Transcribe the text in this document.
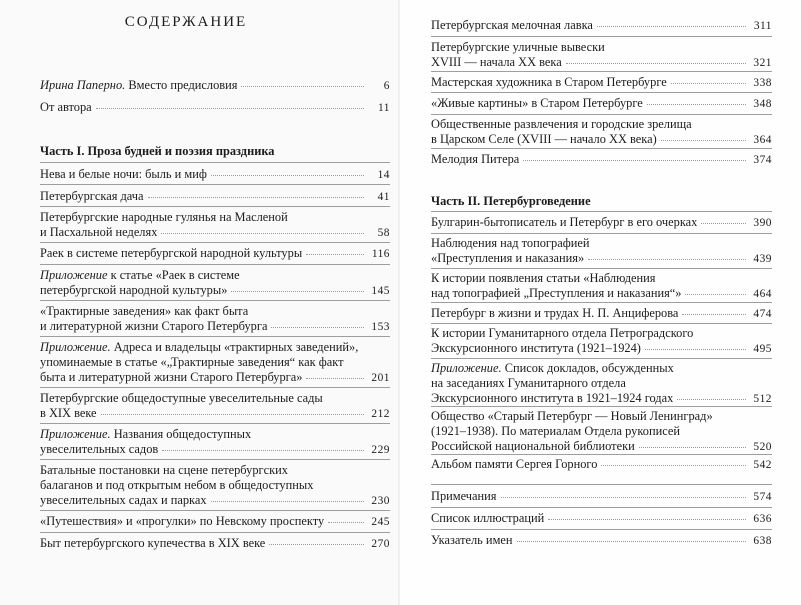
СОДЕРЖАНИЕ
Ирина Паперно. Вместо предисловия	6
От автора	11
Часть I. Проза будней и поэзия праздника
Нева и белые ночи: быль и миф	14
Петербургская дача	41
Петербургские народные гулянья на Масленой
и Пасхальной неделях	58
Раек в системе петербургской народной культуры	116
Приложение к статье «Раек в системе
петербургской народной культуры»	145
«Трактирные заведения» как факт быта
и литературной жизни Старого Петербурга	153
Приложение. Адреса и владельцы «трактирных заведений»,
упоминаемые в статье «„Трактирные заведения“ как факт
быта и литературной жизни Старого Петербурга»	201
Петербургские общедоступные увеселительные сады
в XIX веке	212
Приложение. Названия общедоступных
увеселительных садов	229
Батальные постановки на сцене петербургских
балаганов и под открытым небом в общедоступных
увеселительных садах и парках	230
«Путешествия» и «прогулки» по Невскому проспекту	245
Быт петербургского купечества в XIX веке	270
Петербургская мелочная лавка	311
Петербургские уличные вывески
XVIII — начала XX века	321
Мастерская художника в Старом Петербурге	338
«Живые картины» в Старом Петербурге	348
Общественные развлечения и городские зрелища
в Царском Селе (XVIII — начало XX века)	364
Мелодия Питера	374
Часть II. Петербурговедение
Булгарин-бытописатель и Петербург в его очерках	390
Наблюдения над топографией
«Преступления и наказания»	439
К истории появления статьи «Наблюдения
над топографией „Преступления и наказания“»	464
Петербург в жизни и трудах Н. П. Анциферова	474
К истории Гуманитарного отдела Петроградского
Экскурсионного института (1921–1924)	495
Приложение. Список докладов, обсужденных
на заседаниях Гуманитарного отдела
Экскурсионного института в 1921–1924 годах	512
Общество «Старый Петербург — Новый Ленинград»
(1921–1938). По материалам Отдела рукописей
Российской национальной библиотеки	520
Альбом памяти Сергея Горного	542
Примечания	574
Список иллюстраций	636
Указатель имен	638
